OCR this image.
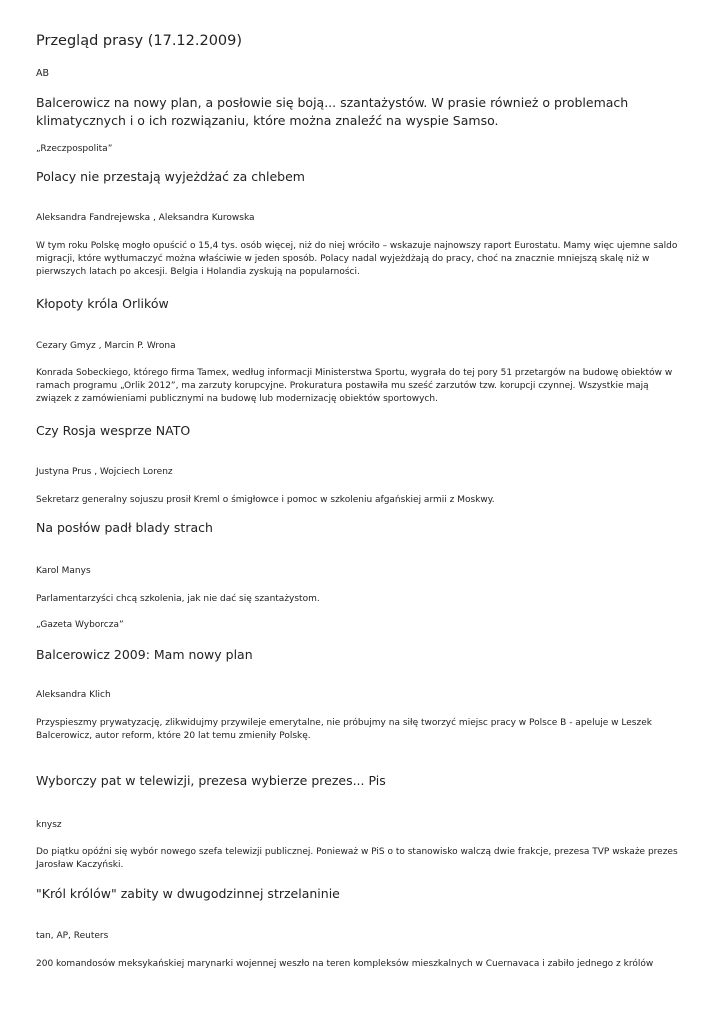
Przegląd prasy (17.12.2009)
AB
Balcerowicz na nowy plan, a posłowie się boją... szantażystów. W prasie również o problemach klimatycznych i o ich rozwiązaniu, które można znaleźć na wyspie Samso.
„Rzeczpospolita”
Polacy nie przestają wyjeżdżać za chlebem
Aleksandra Fandrejewska , Aleksandra Kurowska
W tym roku Polskę mogło opuścić o 15,4 tys. osób więcej, niż do niej wróciło – wskazuje najnowszy raport Eurostatu. Mamy więc ujemne saldo migracji, które wytłumaczyć można właściwie w jeden sposób. Polacy nadal wyjeżdżają do pracy, choć na znacznie mniejszą skalę niż w pierwszych latach po akcesji. Belgia i Holandia zyskują na popularności.
Kłopoty króla Orlików
Cezary Gmyz , Marcin P. Wrona
Konrada Sobeckiego, którego firma Tamex, według informacji Ministerstwa Sportu, wygrała do tej pory 51 przetargów na budowę obiektów w ramach programu „Orlik 2012”, ma zarzuty korupcyjne. Prokuratura postawiła mu sześć zarzutów tzw. korupcji czynnej. Wszystkie mają związek z zamówieniami publicznymi na budowę lub modernizację obiektów sportowych.
Czy Rosja wesprze NATO
Justyna Prus , Wojciech Lorenz
Sekretarz generalny sojuszu prosił Kreml o śmigłowce i pomoc w szkoleniu afgańskiej armii z Moskwy.
Na posłów padł blady strach
Karol Manys
Parlamentarzyści chcą szkolenia, jak nie dać się szantażystom.
„Gazeta Wyborcza”
Balcerowicz 2009: Mam nowy plan
Aleksandra Klich
Przyspieszmy prywatyzację, zlikwidujmy przywileje emerytalne, nie próbujmy na siłę tworzyć miejsc pracy w Polsce B - apeluje w Leszek Balcerowicz, autor reform, które 20 lat temu zmieniły Polskę.
Wyborczy pat w telewizji, prezesa wybierze prezes... Pis
knysz
Do piątku opóźni się wybór nowego szefa telewizji publicznej. Ponieważ w PiS o to stanowisko walczą dwie frakcje, prezesa TVP wskaże prezes Jarosław Kaczyński.
"Król królów" zabity w dwugodzinnej strzelaninie
tan, AP, Reuters
200 komandosów meksykańskiej marynarki wojennej weszło na teren kompleksów mieszkalnych w Cuernavaca i zabiło jednego z królów
